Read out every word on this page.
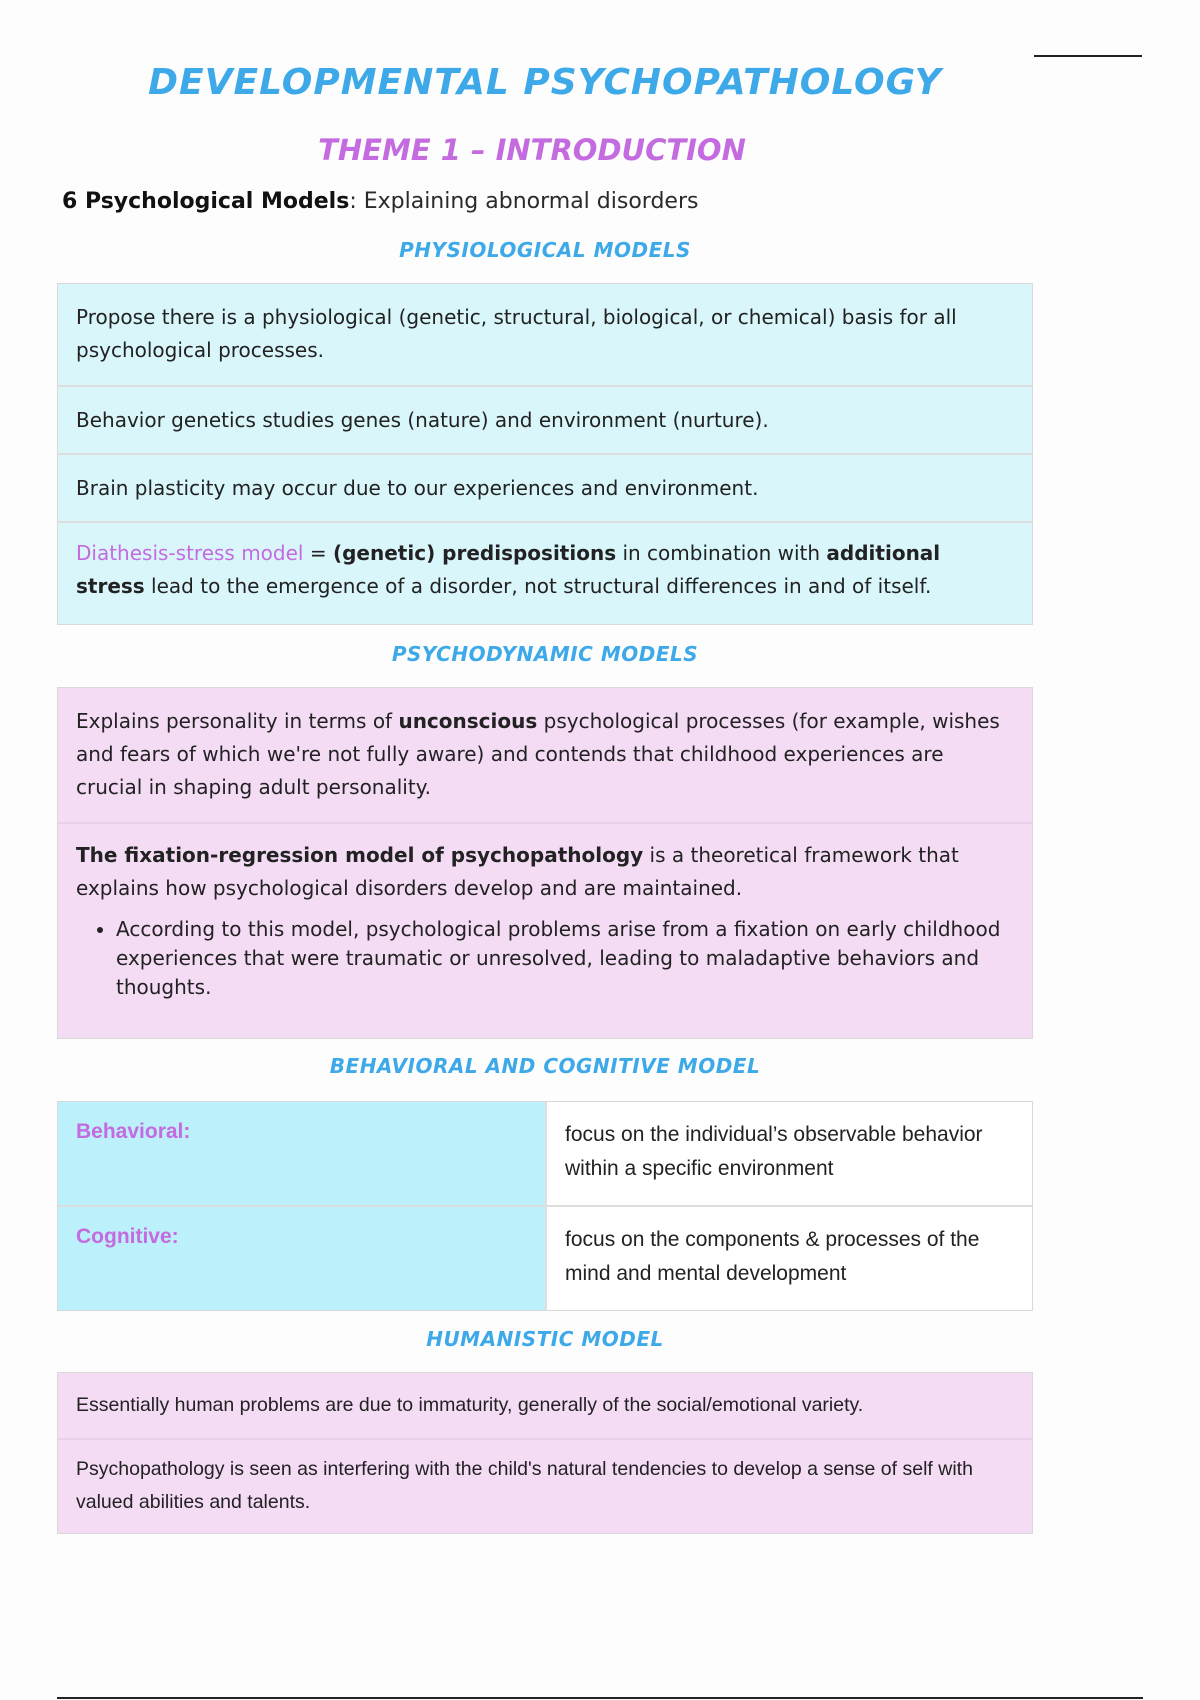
DEVELOPMENTAL PSYCHOPATHOLOGY
THEME 1 – INTRODUCTION
6 Psychological Models: Explaining abnormal disorders
PHYSIOLOGICAL MODELS
Propose there is a physiological (genetic, structural, biological, or chemical) basis for all psychological processes.
Behavior genetics studies genes (nature) and environment (nurture).
Brain plasticity may occur due to our experiences and environment.
Diathesis-stress model = (genetic) predispositions in combination with additional stress lead to the emergence of a disorder, not structural differences in and of itself.
PSYCHODYNAMIC MODELS
Explains personality in terms of unconscious psychological processes (for example, wishes and fears of which we're not fully aware) and contends that childhood experiences are crucial in shaping adult personality.
The fixation-regression model of psychopathology is a theoretical framework that explains how psychological disorders develop and are maintained.
• According to this model, psychological problems arise from a fixation on early childhood experiences that were traumatic or unresolved, leading to maladaptive behaviors and thoughts.
BEHAVIORAL AND COGNITIVE MODEL
Behavioral:	focus on the individual’s observable behavior within a specific environment
Cognitive:	focus on the components & processes of the mind and mental development
HUMANISTIC MODEL
Essentially human problems are due to immaturity, generally of the social/emotional variety.
Psychopathology is seen as interfering with the child's natural tendencies to develop a sense of self with valued abilities and talents.
